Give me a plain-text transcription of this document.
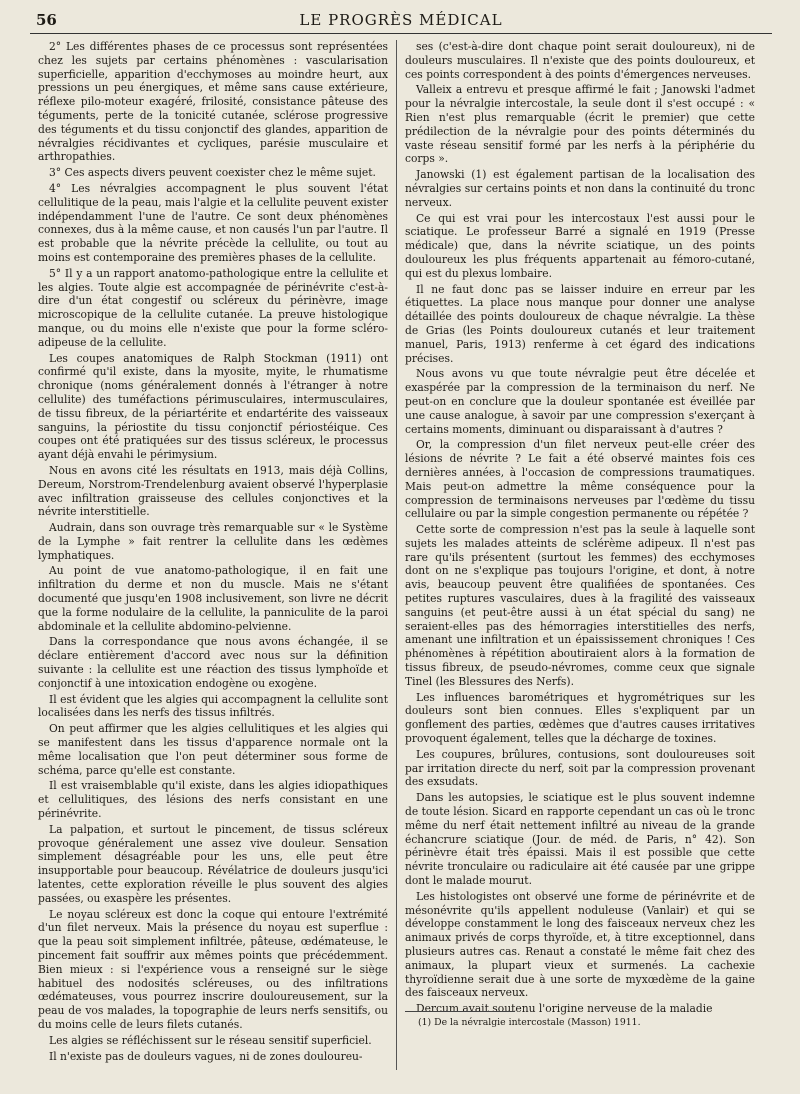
56	LE PROGRÈS MÉDICAL

2° Les différentes phases de ce processus sont représentées chez les sujets par certains phénomènes : vascularisation superficielle, apparition d'ecchymoses au moindre heurt, aux pressions un peu énergiques, et même sans cause extérieure, réflexe pilo-moteur exagéré, frilosité, consistance pâteuse des téguments, perte de la tonicité cutanée, sclérose progressive des téguments et du tissu conjonctif des glandes, apparition de névralgies récidivantes et cycliques, parésie musculaire et arthropathies.

3° Ces aspects divers peuvent coexister chez le même sujet.

4° Les névralgies accompagnent le plus souvent l'état cellulitique de la peau, mais l'algie et la cellulite peuvent exister indépendamment l'une de l'autre. Ce sont deux phénomènes connexes, dus à la même cause, et non causés l'un par l'autre. Il est probable que la névrite précède la cellulite, ou tout au moins est contemporaine des premières phases de la cellulite.

5° Il y a un rapport anatomo-pathologique entre la cellulite et les algies. Toute algie est accompagnée de périnévrite c'est-à-dire d'un état congestif ou scléreux du périnèvre, image microscopique de la cellulite cutanée. La preuve histologique manque, ou du moins elle n'existe que pour la forme scléro-adipeuse de la cellulite.

Les coupes anatomiques de Ralph Stockman (1911) ont confirmé qu'il existe, dans la myosite, myite, le rhumatisme chronique (noms généralement donnés à l'étranger à notre cellulite) des tuméfactions périmusculaires, intermusculaires, de tissu fibreux, de la périartérite et endartérite des vaisseaux sanguins, la périostite du tissu conjonctif périostéique. Ces coupes ont été pratiquées sur des tissus scléreux, le processus ayant déjà envahi le périmysium.

Nous en avons cité les résultats en 1913, mais déjà Collins, Dereum, Norstrom-Trendelenburg avaient observé l'hyperplasie avec infiltration graisseuse des cellules conjonctives et la névrite interstitielle.

Audrain, dans son ouvrage très remarquable sur « le Système de la Lymphe » fait rentrer la cellulite dans les œdèmes lymphatiques.

Au point de vue anatomo-pathologique, il en fait une infiltration du derme et non du muscle. Mais ne s'étant documenté que jusqu'en 1908 inclusivement, son livre ne décrit que la forme nodulaire de la cellulite, la panniculite de la paroi abdominale et la cellulite abdomino-pelvienne.

Dans la correspondance que nous avons échangée, il se déclare entièrement d'accord avec nous sur la définition suivante : la cellulite est une réaction des tissus lymphoïde et conjonctif à une intoxication endogène ou exogène.

Il est évident que les algies qui accompagnent la cellulite sont localisées dans les nerfs des tissus infiltrés.

On peut affirmer que les algies cellulitiques et les algies qui se manifestent dans les tissus d'apparence normale ont la même localisation que l'on peut déterminer sous forme de schéma, parce qu'elle est constante.

Il est vraisemblable qu'il existe, dans les algies idiopathiques et cellulitiques, des lésions des nerfs consistant en une périnévrite.

La palpation, et surtout le pincement, de tissus scléreux provoque généralement une assez vive douleur. Sensation simplement désagréable pour les uns, elle peut être insupportable pour beaucoup. Révélatrice de douleurs jusqu'ici latentes, cette exploration réveille le plus souvent des algies passées, ou exaspère les présentes.

Le noyau scléreux est donc la coque qui entoure l'extrémité d'un filet nerveux. Mais la présence du noyau est superflue : que la peau soit simplement infiltrée, pâteuse, œdémateuse, le pincement fait souffrir aux mêmes points que précédemment. Bien mieux : si l'expérience vous a renseigné sur le siège habituel des nodosités scléreuses, ou des infiltrations œdémateuses, vous pourrez inscrire douloureusement, sur la peau de vos malades, la topographie de leurs nerfs sensitifs, ou du moins celle de leurs filets cutanés.

Les algies se réfléchissent sur le réseau sensitif superficiel.

Il n'existe pas de douleurs vagues, ni de zones douloureu-

ses (c'est-à-dire dont chaque point serait douloureux), ni de douleurs musculaires. Il n'existe que des points douloureux, et ces points correspondent à des points d'émergences nerveuses.

Valleix a entrevu et presque affirmé le fait ; Janowski l'admet pour la névralgie intercostale, la seule dont il s'est occupé : « Rien n'est plus remarquable (écrit le premier) que cette prédilection de la névralgie pour des points déterminés du vaste réseau sensitif formé par les nerfs à la périphérie du corps ».

Janowski (1) est également partisan de la localisation des névralgies sur certains points et non dans la continuité du tronc nerveux.

Ce qui est vrai pour les intercostaux l'est aussi pour le sciatique. Le professeur Barré a signalé en 1919 (Presse médicale) que, dans la névrite sciatique, un des points douloureux les plus fréquents appartenait au fémoro-cutané, qui est du plexus lombaire.

Il ne faut donc pas se laisser induire en erreur par les étiquettes. La place nous manque pour donner une analyse détaillée des points douloureux de chaque névralgie. La thèse de Grias (les Points douloureux cutanés et leur traitement manuel, Paris, 1913) renferme à cet égard des indications précises.

Nous avons vu que toute névralgie peut être décelée et exaspérée par la compression de la terminaison du nerf. Ne peut-on en conclure que la douleur spontanée est éveillée par une cause analogue, à savoir par une compression s'exerçant à certains moments, diminuant ou disparaissant à d'autres ?

Or, la compression d'un filet nerveux peut-elle créer des lésions de névrite ? Le fait a été observé maintes fois ces dernières années, à l'occasion de compressions traumatiques. Mais peut-on admettre la même conséquence pour la compression de terminaisons nerveuses par l'œdème du tissu cellulaire ou par la simple congestion permanente ou répétée ?

Cette sorte de compression n'est pas la seule à laquelle sont sujets les malades atteints de sclérème adipeux. Il n'est pas rare qu'ils présentent (surtout les femmes) des ecchymoses dont on ne s'explique pas toujours l'origine, et dont, à notre avis, beaucoup peuvent être qualifiées de spontanées. Ces petites ruptures vasculaires, dues à la fragilité des vaisseaux sanguins (et peut-être aussi à un état spécial du sang) ne seraient-elles pas des hémorragies interstitielles des nerfs, amenant une infiltration et un épaississement chroniques ! Ces phénomènes à répétition aboutiraient alors à la formation de tissus fibreux, de pseudo-névromes, comme ceux que signale Tinel (les Blessures des Nerfs).

Les influences barométriques et hygrométriques sur les douleurs sont bien connues. Elles s'expliquent par un gonflement des parties, œdèmes que d'autres causes irritatives provoquent également, telles que la décharge de toxines.

Les coupures, brûlures, contusions, sont douloureuses soit par irritation directe du nerf, soit par la compression provenant des exsudats.

Dans les autopsies, le sciatique est le plus souvent indemne de toute lésion. Sicard en rapporte cependant un cas où le tronc même du nerf était nettement infiltré au niveau de la grande échancrure sciatique (Jour. de méd. de Paris, n° 42). Son périnèvre était très épaissi. Mais il est possible que cette névrite tronculaire ou radiculaire ait été causée par une grippe dont le malade mourut.

Les histologistes ont observé une forme de périnévrite et de mésonévrite qu'ils appellent noduleuse (Vanlair) et qui se développe constamment le long des faisceaux nerveux chez les animaux privés de corps thyroïde, et, à titre exceptionnel, dans plusieurs autres cas. Renaut a constaté le même fait chez des animaux, la plupart vieux et surmenés. La cachexie thyroïdienne serait due à une sorte de myxœdème de la gaine des faisceaux nerveux.

Dercum avait soutenu l'origine nerveuse de la maladie

(1) De la névralgie intercostale (Masson) 1911.
